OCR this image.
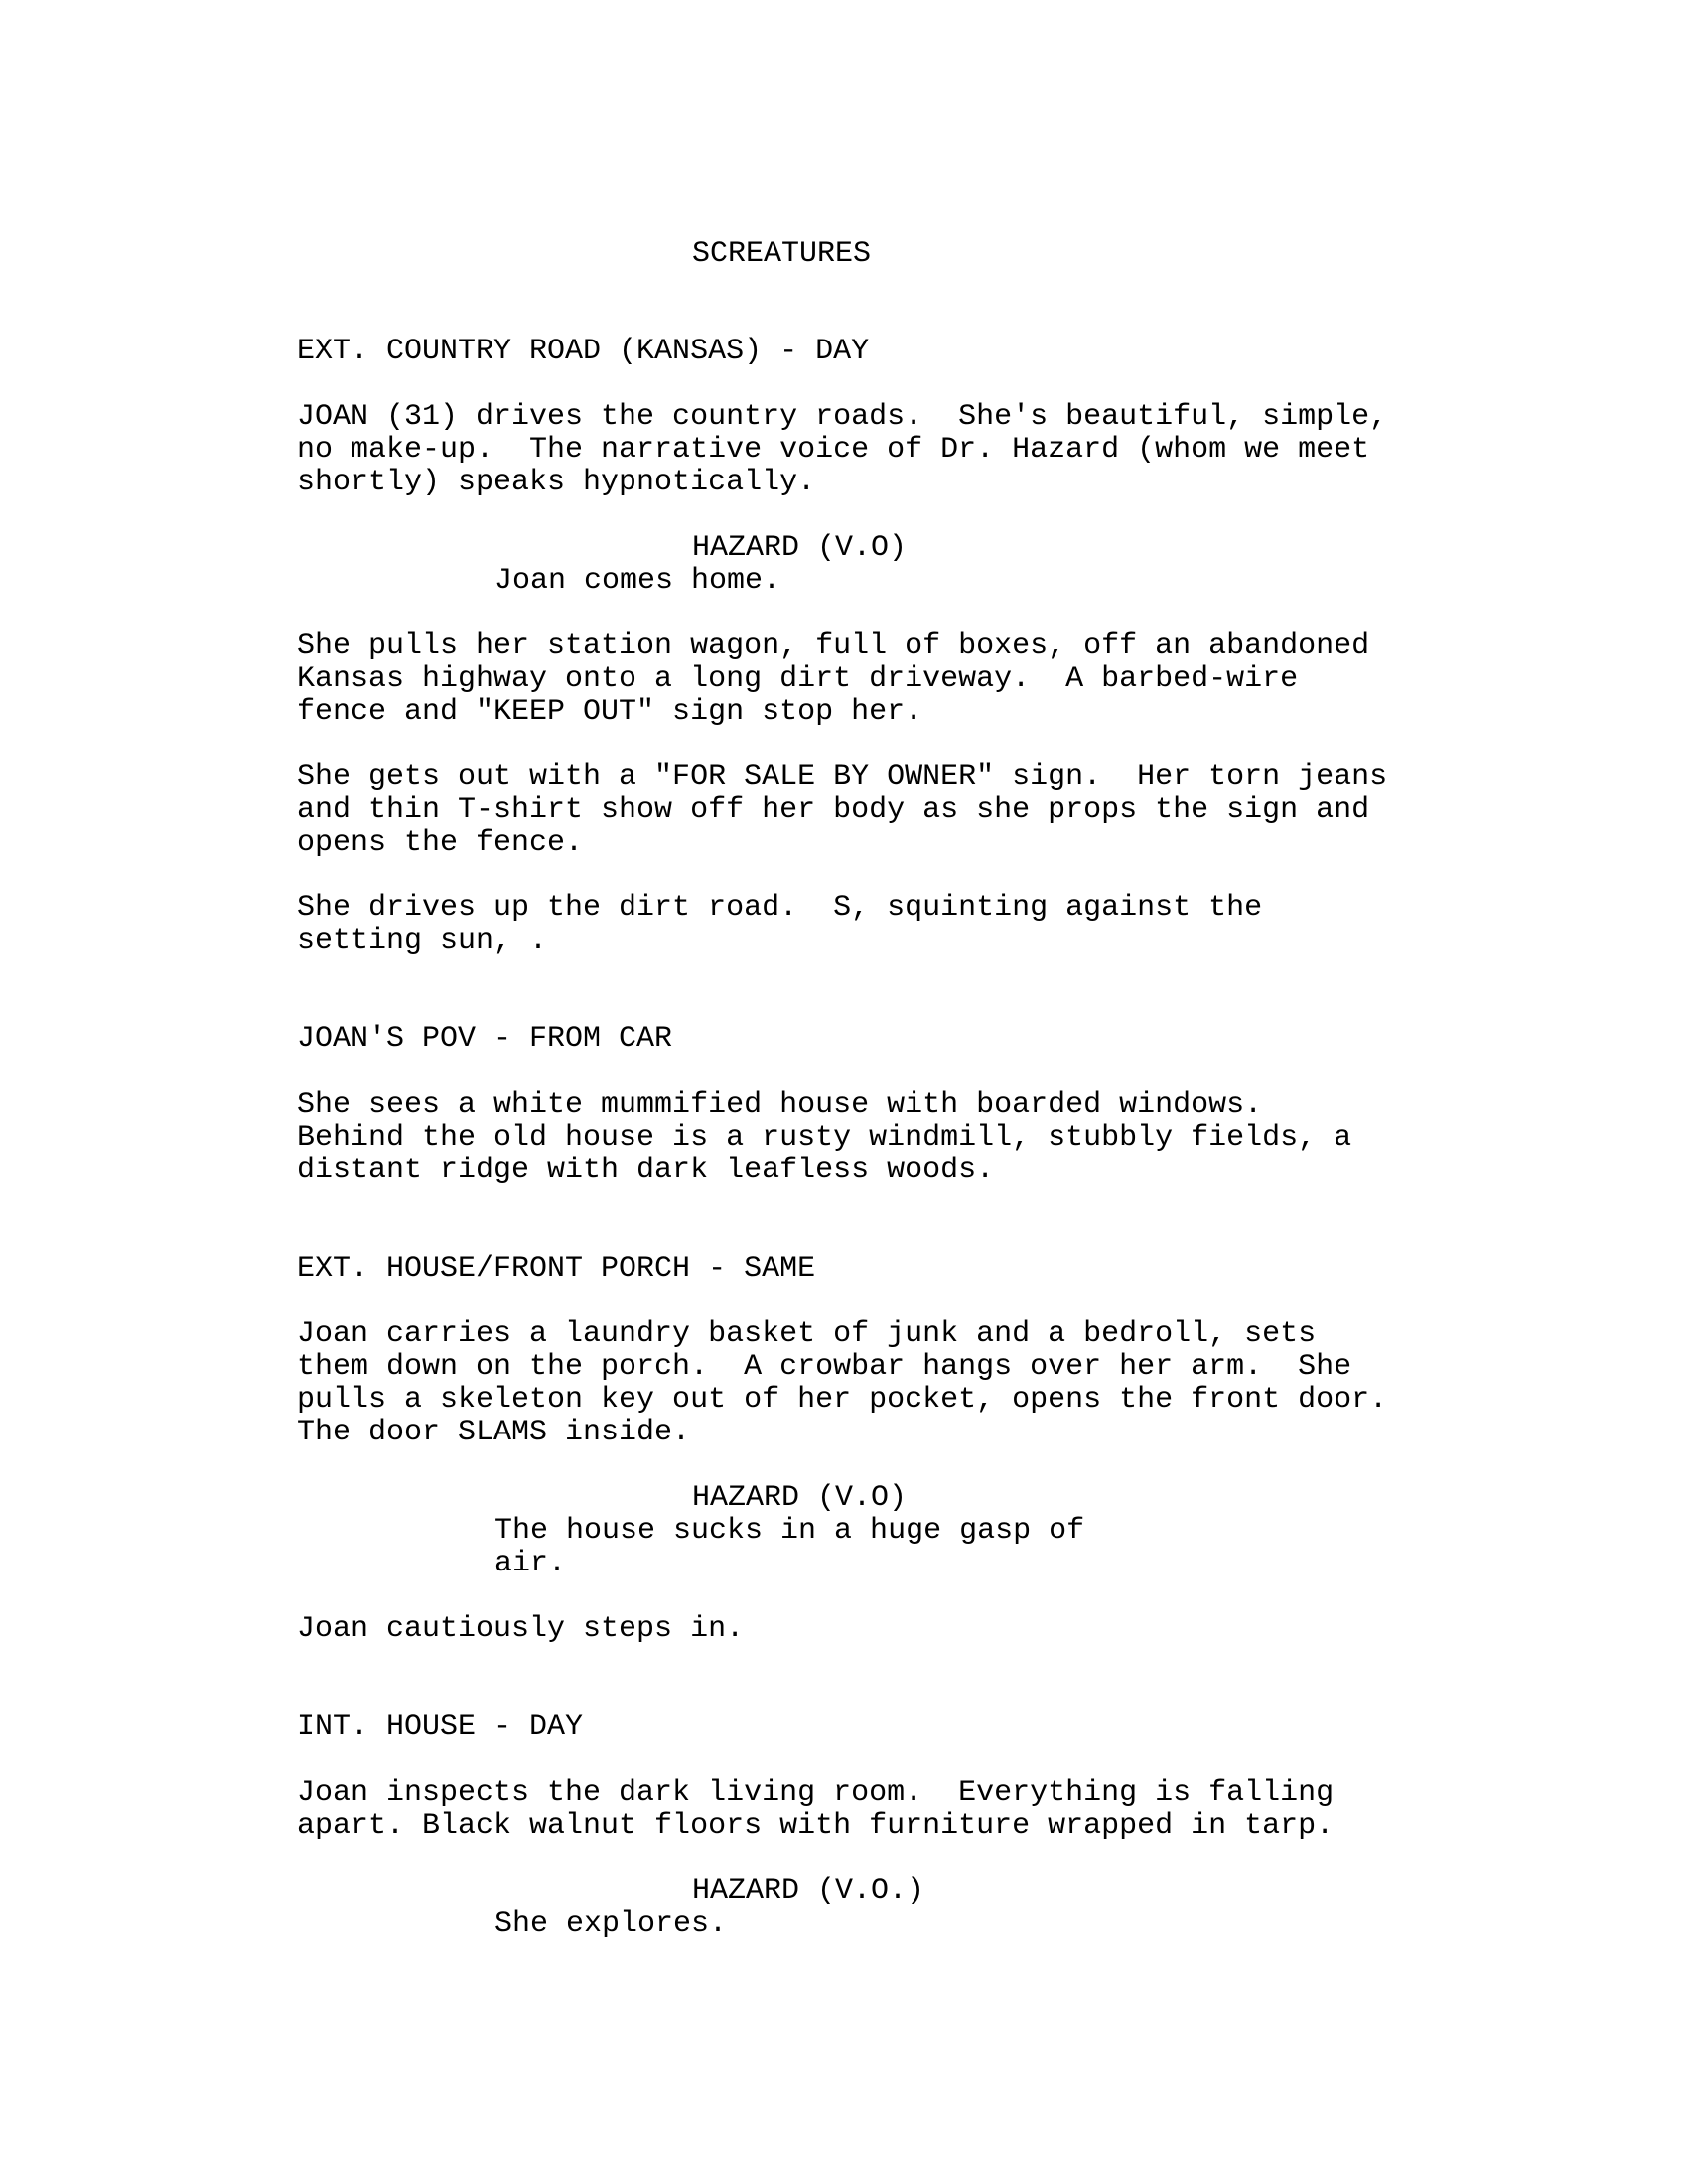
SCREATURES
EXT. COUNTRY ROAD (KANSAS) - DAY
JOAN (31) drives the country roads.  She's beautiful, simple,
no make-up.  The narrative voice of Dr. Hazard (whom we meet
shortly) speaks hypnotically.
HAZARD (V.O)
Joan comes home.
She pulls her station wagon, full of boxes, off an abandoned
Kansas highway onto a long dirt driveway.  A barbed-wire
fence and "KEEP OUT" sign stop her.
She gets out with a "FOR SALE BY OWNER" sign.  Her torn jeans
and thin T-shirt show off her body as she props the sign and
opens the fence.
She drives up the dirt road.  S, squinting against the
setting sun, .
JOAN'S POV - FROM CAR
She sees a white mummified house with boarded windows.
Behind the old house is a rusty windmill, stubbly fields, a
distant ridge with dark leafless woods.
EXT. HOUSE/FRONT PORCH - SAME
Joan carries a laundry basket of junk and a bedroll, sets
them down on the porch.  A crowbar hangs over her arm.  She
pulls a skeleton key out of her pocket, opens the front door.
The door SLAMS inside.
HAZARD (V.O)
The house sucks in a huge gasp of
air.
Joan cautiously steps in.
INT. HOUSE - DAY
Joan inspects the dark living room.  Everything is falling
apart. Black walnut floors with furniture wrapped in tarp.
HAZARD (V.O.)
She explores.
